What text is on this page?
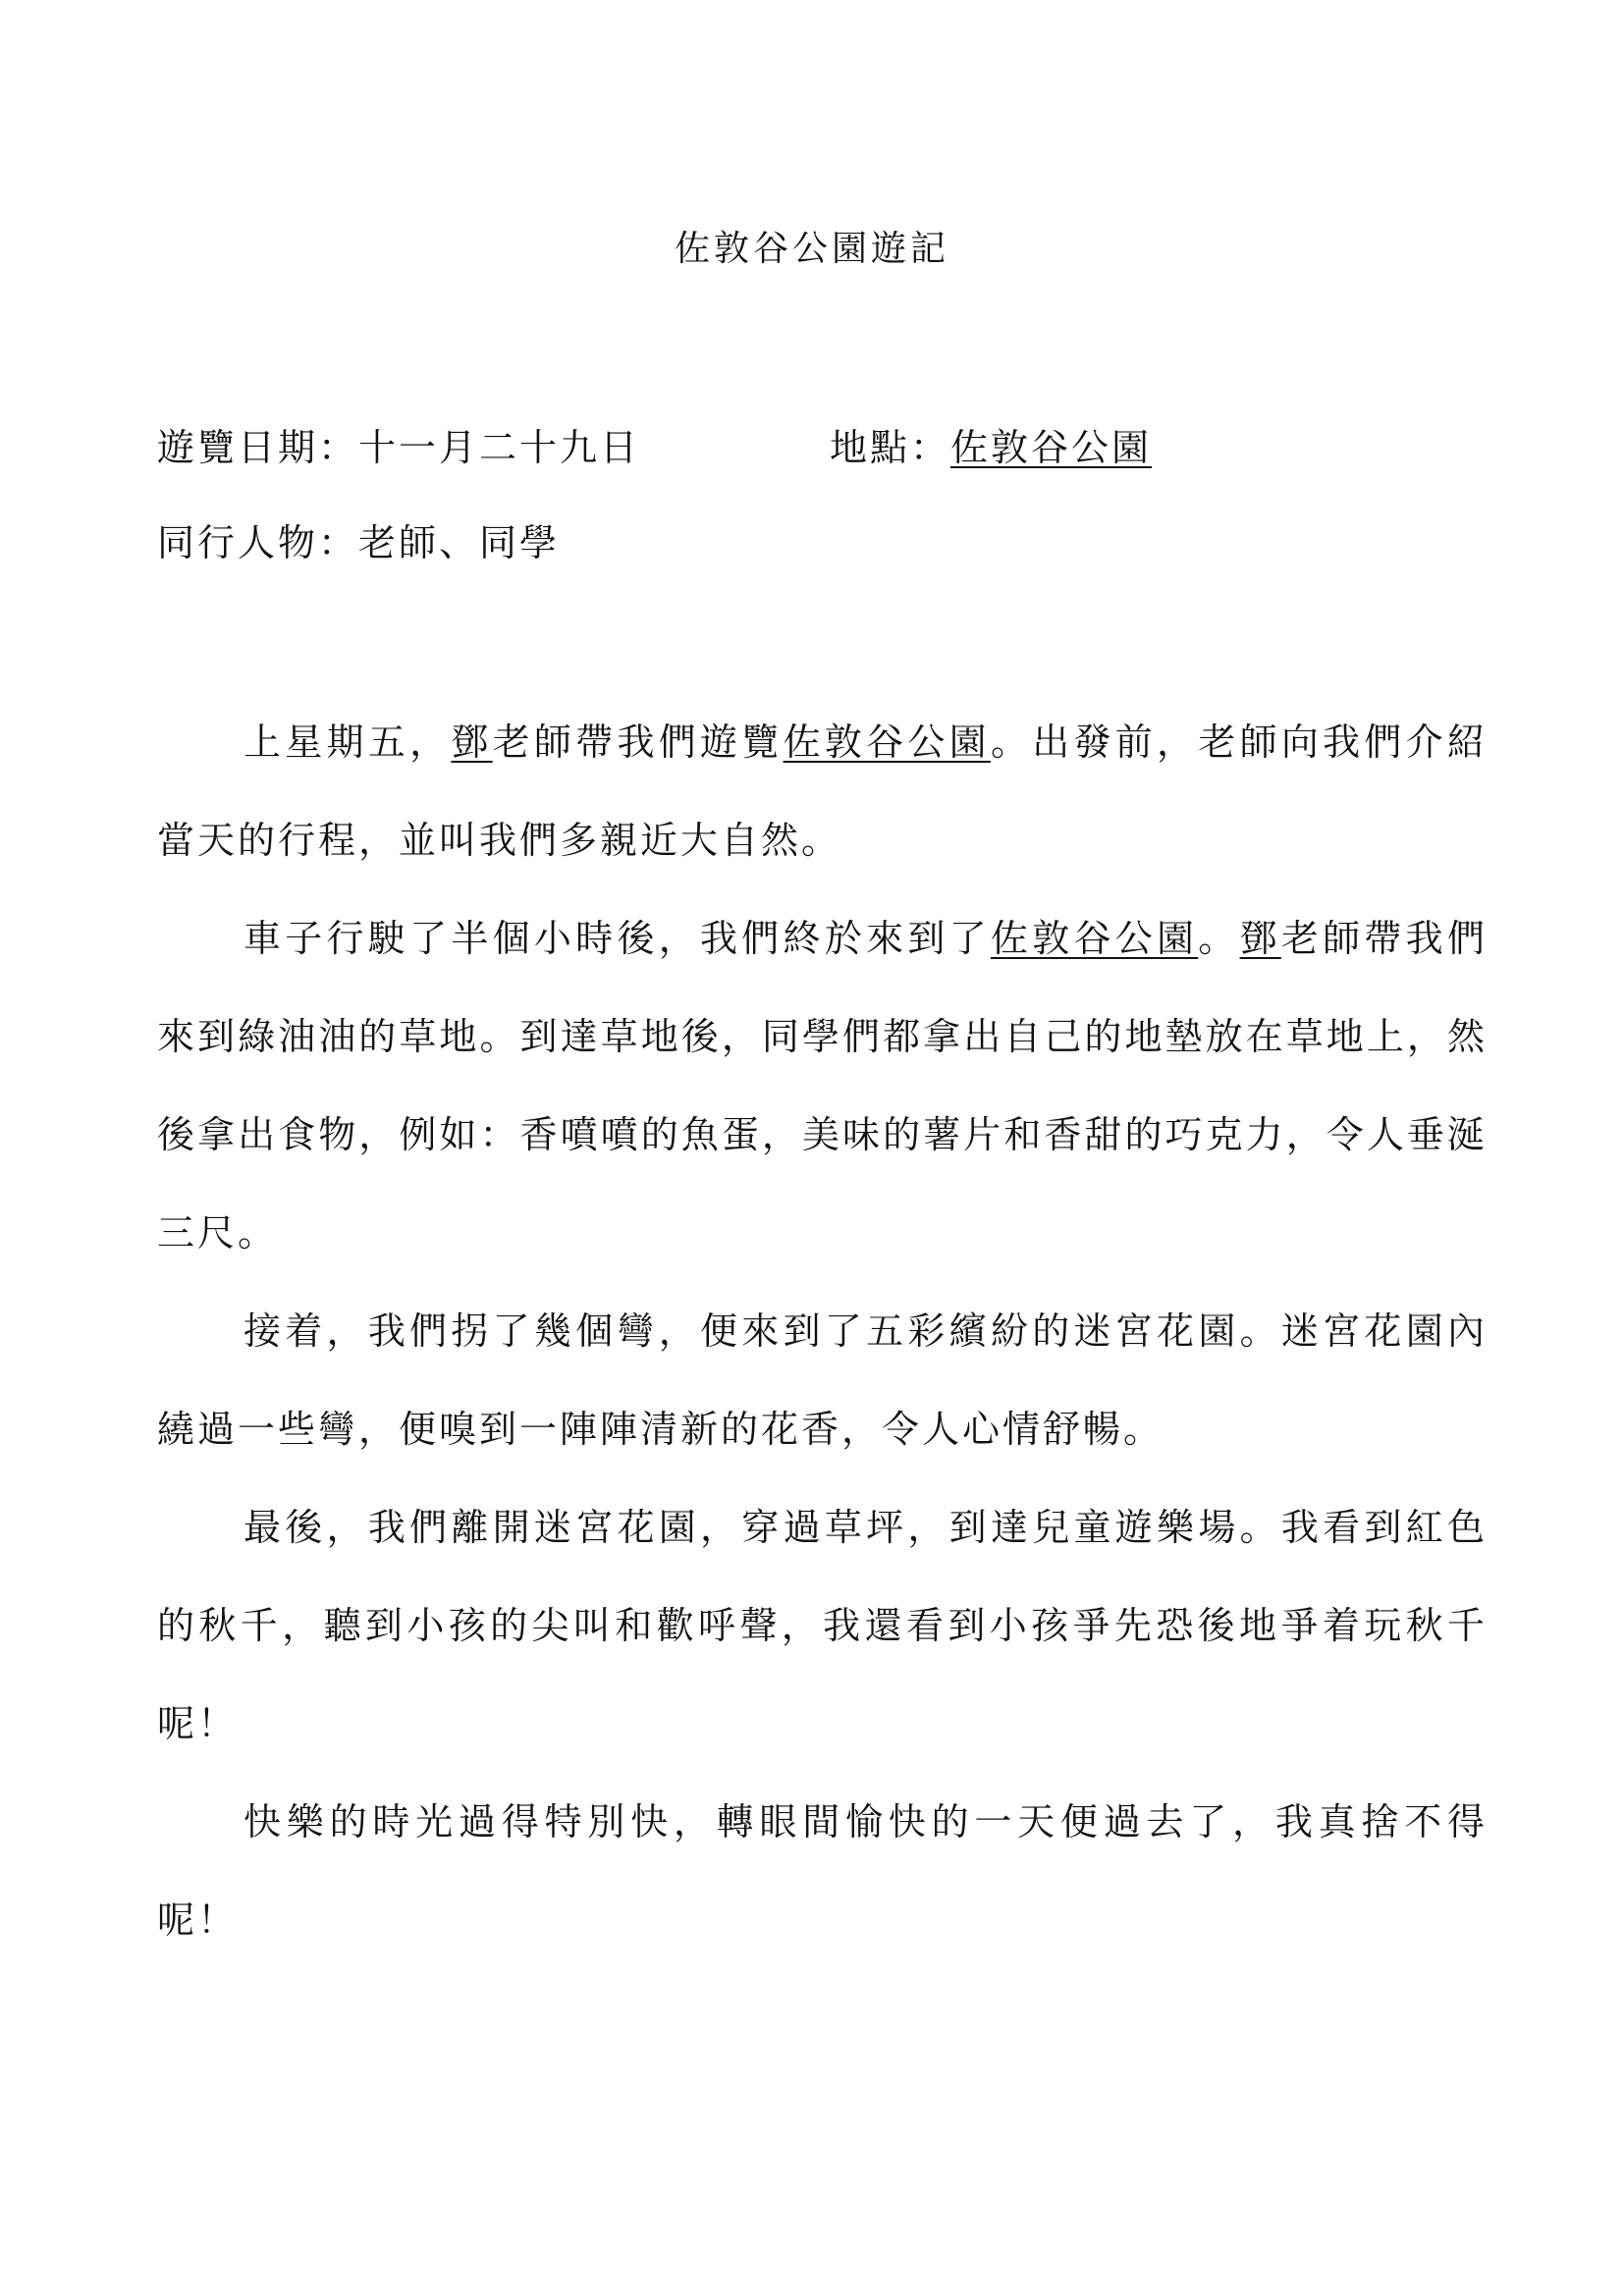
佐敦谷公園遊記
遊覽日期：十一月二十九日	地點：佐敦谷公園
同行人物：老師、同學

上星期五，鄧老師帶我們遊覽佐敦谷公園。出發前，老師向我們介紹當天的行程，並叫我們多親近大自然。

車子行駛了半個小時後，我們終於來到了佐敦谷公園。鄧老師帶我們來到綠油油的草地。到達草地後，同學們都拿出自己的地墊放在草地上，然後拿出食物，例如：香噴噴的魚蛋，美味的薯片和香甜的巧克力，令人垂涎三尺。

接着，我們拐了幾個彎，便來到了五彩繽紛的迷宮花園。迷宮花園內繞過一些彎，便嗅到一陣陣清新的花香，令人心情舒暢。

最後，我們離開迷宮花園，穿過草坪，到達兒童遊樂場。我看到紅色的秋千，聽到小孩的尖叫和歡呼聲，我還看到小孩爭先恐後地爭着玩秋千呢！

快樂的時光過得特別快，轉眼間愉快的一天便過去了，我真捨不得呢！
